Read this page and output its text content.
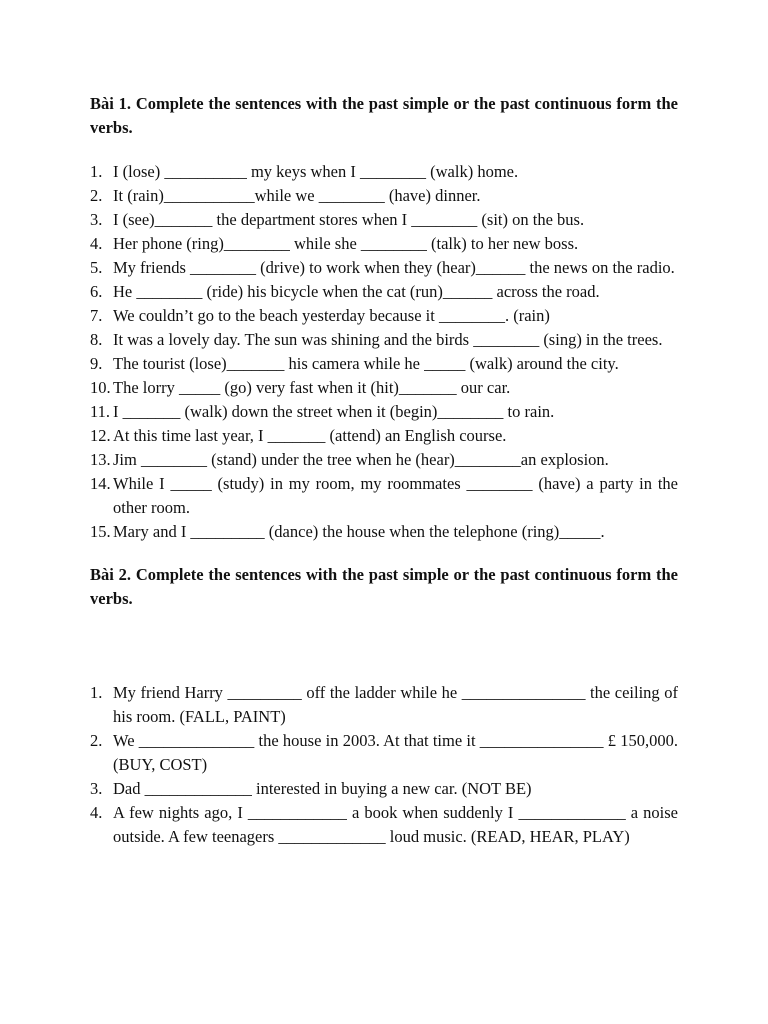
Bài 1. Complete the sentences with the past simple or the past continuous form the verbs.

1. I (lose) __________ my keys when I ________ (walk) home.
2. It (rain)___________while we ________ (have) dinner.
3. I (see)_______ the department stores when I ________ (sit) on the bus.
4. Her phone (ring)________ while she ________ (talk) to her new boss.
5. My friends ________ (drive) to work when they (hear)______ the news on the radio.
6. He ________ (ride) his bicycle when the cat (run)______ across the road.
7. We couldn’t go to the beach yesterday because it ________. (rain)
8. It was a lovely day. The sun was shining and the birds ________ (sing) in the trees.
9. The tourist (lose)_______ his camera while he _____ (walk) around the city.
10. The lorry _____ (go) very fast when it (hit)_______ our car.
11. I _______ (walk) down the street when it (begin)________ to rain.
12. At this time last year, I _______ (attend) an English course.
13. Jim ________ (stand) under the tree when he (hear)________an explosion.
14. While I _____ (study) in my room, my roommates ________ (have) a party in the other room.
15. Mary and I _________ (dance) the house when the telephone (ring)_____.

Bài 2. Complete the sentences with the past simple or the past continuous form the verbs.

1. My friend Harry _________ off the ladder while he _______________ the ceiling of his room. (FALL, PAINT)
2. We ______________ the house in 2003. At that time it _______________ £ 150,000. (BUY, COST)
3. Dad _____________ interested in buying a new car. (NOT BE)
4. A few nights ago, I ____________ a book when suddenly I _____________ a noise outside. A few teenagers _____________ loud music. (READ, HEAR, PLAY)
